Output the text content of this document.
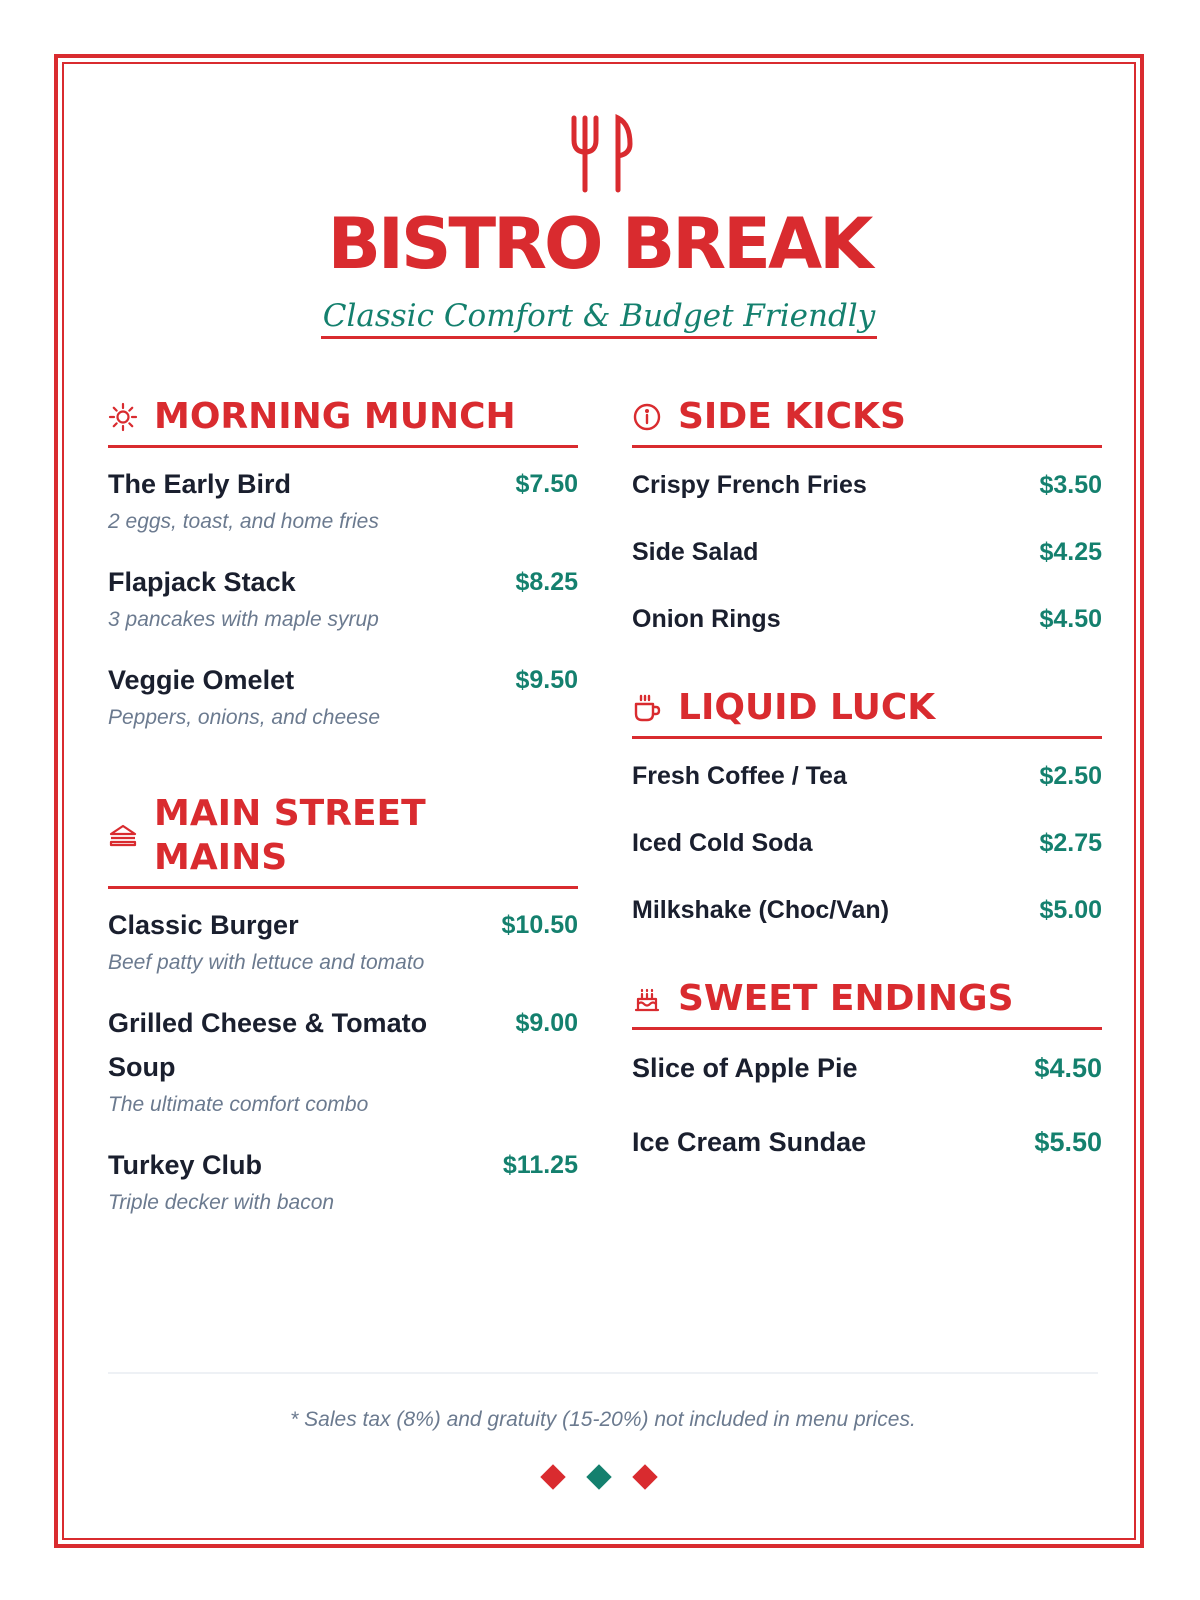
BISTRO BREAK
Classic Comfort & Budget Friendly
MORNING MUNCH
The Early Bird
2 eggs, toast, and home fries
$7.50
Flapjack Stack
3 pancakes with maple syrup
$8.25
Veggie Omelet
Peppers, onions, and cheese
$9.50
MAIN STREET
MAINS
Classic Burger
Beef patty with lettuce and tomato
$10.50
Grilled Cheese & Tomato Soup
The ultimate comfort combo
$9.00
Turkey Club
Triple decker with bacon
$11.25
SIDE KICKS
Crispy French Fries	$3.50
Side Salad	$4.25
Onion Rings	$4.50
LIQUID LUCK
Fresh Coffee / Tea	$2.50
Iced Cold Soda	$2.75
Milkshake (Choc/Van)	$5.00
SWEET ENDINGS
Slice of Apple Pie	$4.50
Ice Cream Sundae	$5.50
* Sales tax (8%) and gratuity (15-20%) not included in menu prices.
